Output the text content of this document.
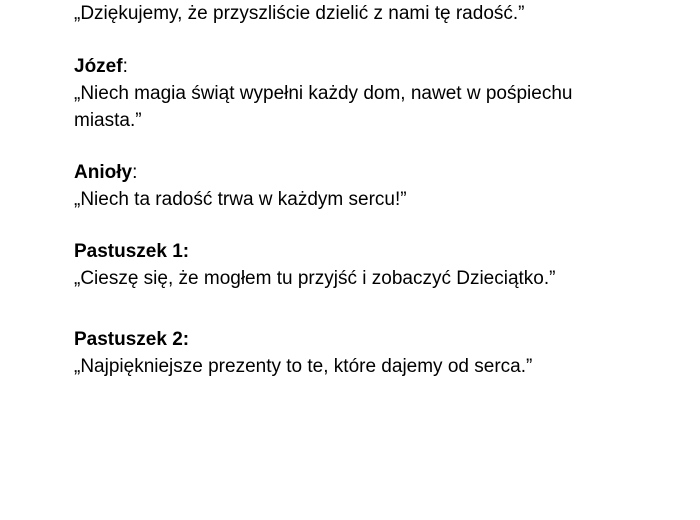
„Dziękujemy, że przyszliście dzielić z nami tę radość.”

Józef:
„Niech magia świąt wypełni każdy dom, nawet w pośpiechu
miasta.”

Anioły:
„Niech ta radość trwa w każdym sercu!”

Pastuszek 1:
„Cieszę się, że mogłem tu przyjść i zobaczyć Dzieciątko.”

Pastuszek 2:
„Najpiękniejsze prezenty to te, które dajemy od serca.”
